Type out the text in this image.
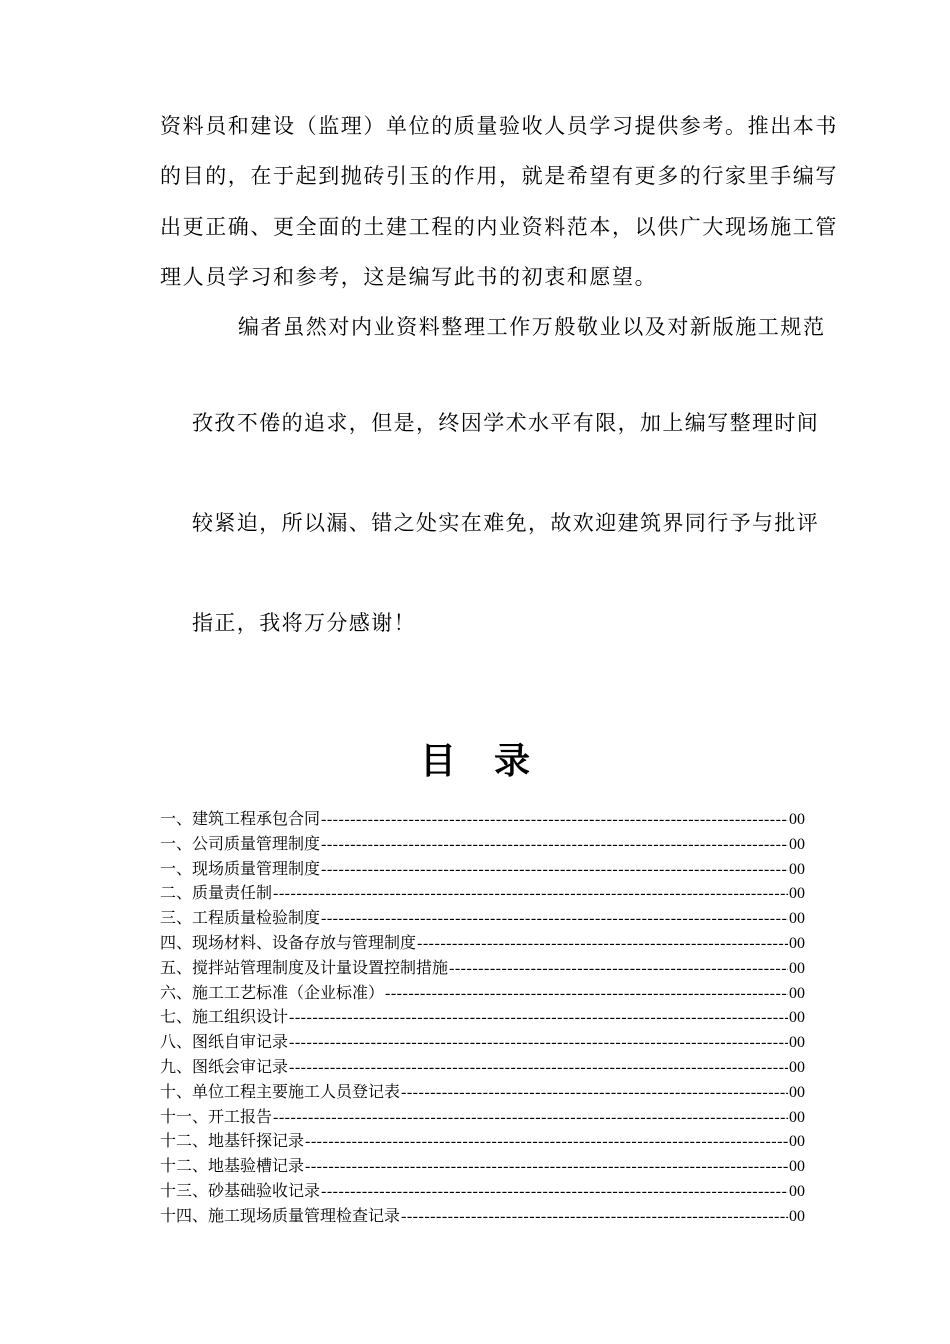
资料员和建设（监理）单位的质量验收人员学习提供参考。推出本书
的目的，在于起到抛砖引玉的作用，就是希望有更多的行家里手编写
出更正确、更全面的土建工程的内业资料范本，以供广大现场施工管
理人员学习和参考，这是编写此书的初衷和愿望。
编者虽然对内业资料整理工作万般敬业以及对新版施工规范
孜孜不倦的追求，但是，终因学术水平有限，加上编写整理时间
较紧迫，所以漏、错之处实在难免，故欢迎建筑界同行予与批评
指正，我将万分感谢！
目 录
一、建筑工程承包合同 -----	00
一、公司质量管理制度 -----	00
一、现场质量管理制度 -----	00
二、质量责任制 -----	00
三、工程质量检验制度 -----	00
四、现场材料、设备存放与管理制度 -----	00
五、搅拌站管理制度及计量设置控制措施 -----	00
六、施工工艺标准（企业标准） -----	00
七、施工组织设计 -----	00
八、图纸自审记录 -----	00
九、图纸会审记录 -----	00
十、单位工程主要施工人员登记表 -----	00
十一、开工报告 -----	00
十二、地基钎探记录 -----	00
十二、地基验槽记录 -----	00
十三、砂基础验收记录 -----	00
十四、施工现场质量管理检查记录 -----	00
